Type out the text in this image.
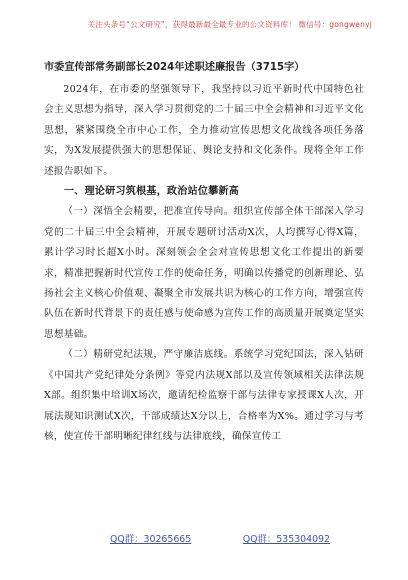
关注头条号“公文研究”，获得最新最全最专业的公文资料库！ 微信号：gongwenyj
市委宣传部常务副部长2024年述职述廉报告（3715字）

2024年，在市委的坚强领导下，我坚持以习近平新时代中国特色社会主义思想为指导，深入学习贯彻党的二十届三中全会精神和习近平文化思想，紧紧围绕全市中心工作，全力推动宣传思想文化战线各项任务落实，为X发展提供强大的思想保证、舆论支持和文化条件。现将全年工作述报告职如下。

一、理论研习筑根基，政治站位攀新高

（一）深悟全会精要，把准宣传导向。组织宣传部全体干部深入学习党的二十届三中全会精神，开展专题研讨活动X次，人均撰写心得X篇，累计学习时长超X小时。深刻领会全会对宣传思想文化工作提出的新要求，精准把握新时代宣传工作的使命任务，明确以传播党的创新理论、弘扬社会主义核心价值观、凝聚全市发展共识为核心的工作方向，增强宣传队伍在新时代背景下的责任感与使命感为宣传工作的高质量开展奠定坚实思想基础。

（二）精研党纪法规，严守廉洁底线。系统学习党纪国法，深入钻研《中国共产党纪律处分条例》等党内法规X部以及宣传领域相关法律法规X部。组织集中培训X场次，邀请纪检监察干部与法律专家授课X人次，开展法规知识测试X次，干部成绩达X分以上，合格率为X%。通过学习与考核，使宣传干部明晰纪律红线与法律底线，确保宣传工

QQ群：30265665	QQ群：535304092
